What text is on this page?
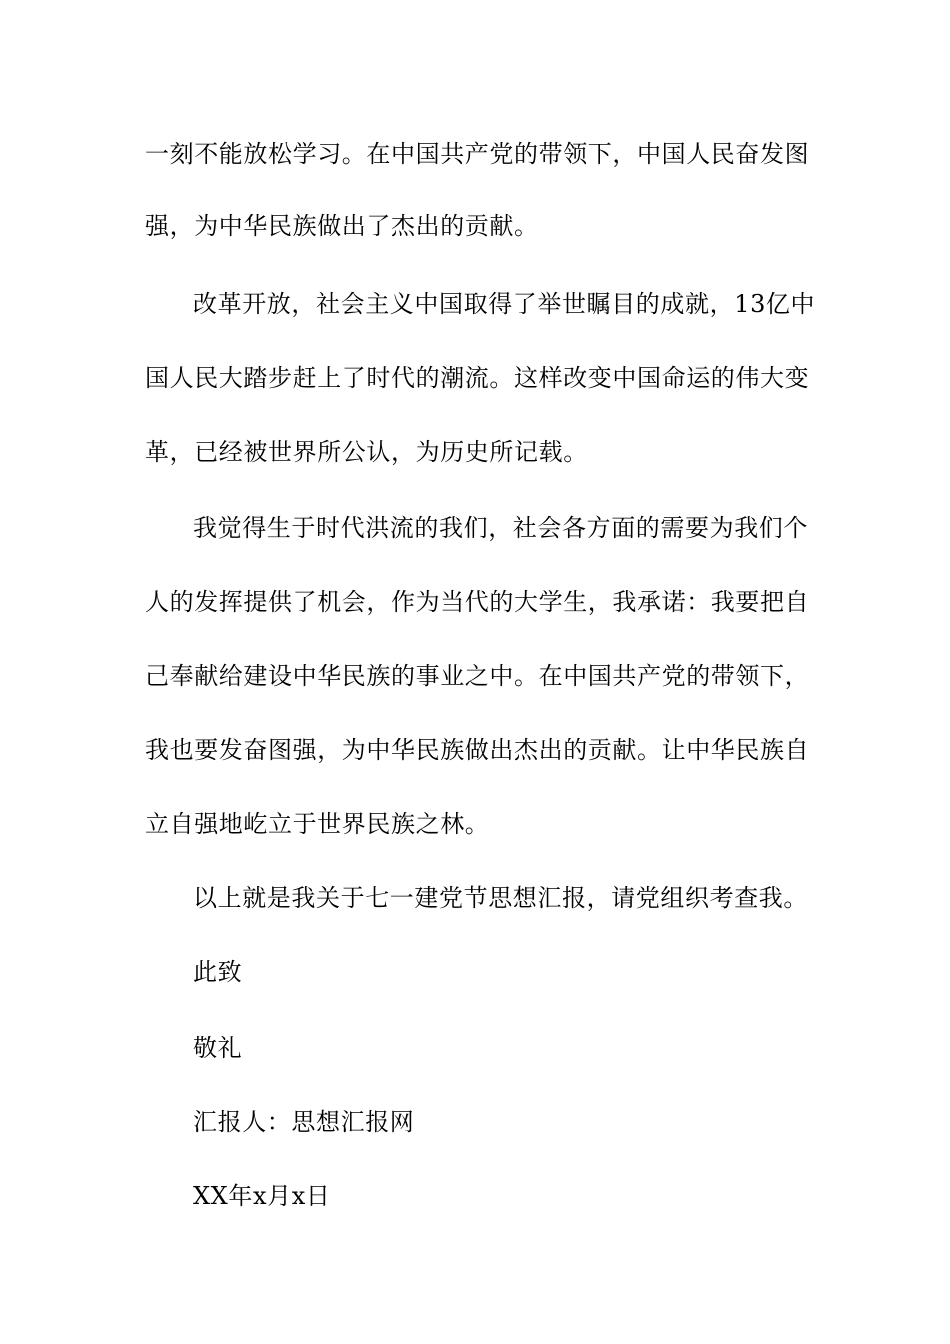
一刻不能放松学习。在中国共产党的带领下，中国人民奋发图
强，为中华民族做出了杰出的贡献。
改革开放，社会主义中国取得了举世瞩目的成就，13亿中
国人民大踏步赶上了时代的潮流。这样改变中国命运的伟大变
革，已经被世界所公认，为历史所记载。
我觉得生于时代洪流的我们，社会各方面的需要为我们个
人的发挥提供了机会，作为当代的大学生，我承诺：我要把自
己奉献给建设中华民族的事业之中。在中国共产党的带领下，
我也要发奋图强，为中华民族做出杰出的贡献。让中华民族自
立自强地屹立于世界民族之林。
以上就是我关于七一建党节思想汇报，请党组织考查我。
此致
敬礼
汇报人：思想汇报网
XX年x月x日
